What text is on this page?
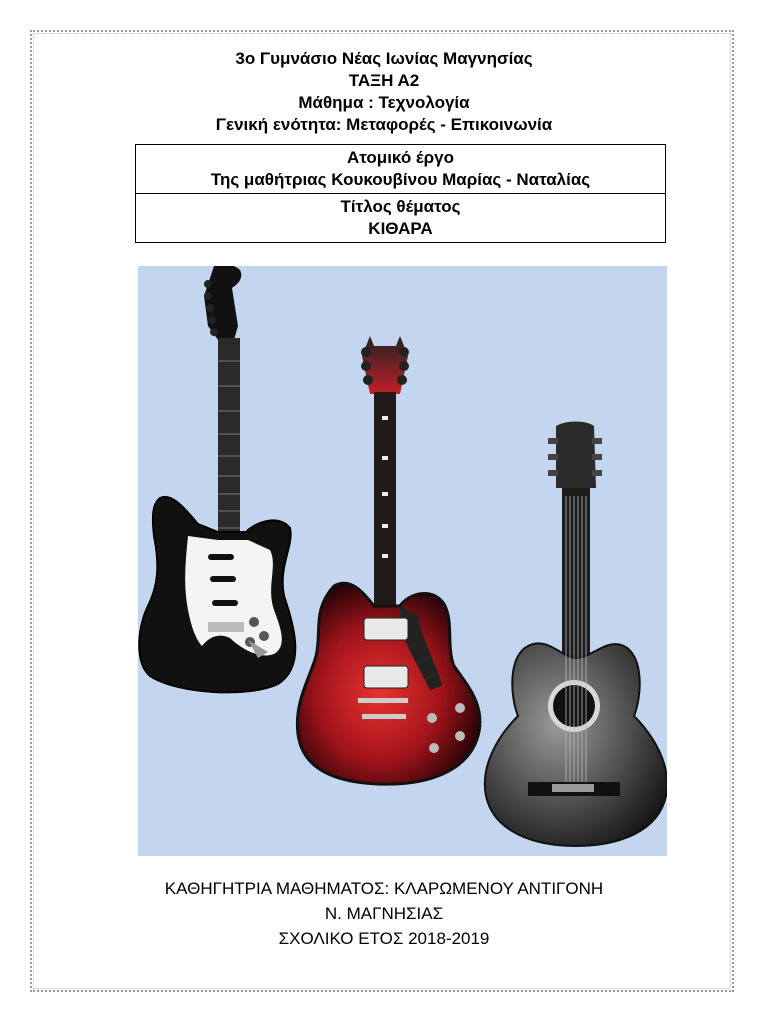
3ο Γυμνάσιο Νέας Ιωνίας Μαγνησίας
ΤΑΞΗ Α2
Μάθημα : Τεχνολογία
Γενική ενότητα: Μεταφορές - Επικοινωνία
Ατομικό έργο
Της μαθήτριας Κουκουβίνου Μαρίας - Ναταλίας
Τίτλος θέματος
ΚΙΘΑΡΑ
ΚΑΘΗΓΗΤΡΙΑ ΜΑΘΗΜΑΤΟΣ: ΚΛΑΡΩΜΕΝΟΥ ΑΝΤΙΓΟΝΗ
Ν. ΜΑΓΝΗΣΙΑΣ
ΣΧΟΛΙΚΟ ΕΤΟΣ 2018-2019
